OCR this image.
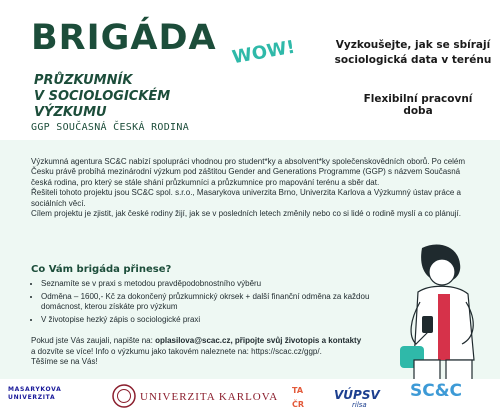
BRIGÁDA
PRŮZKUMNÍK
V SOCIOLOGICKÉM VÝZKUMU
WOW!	Vyzkoušejte, jak se sbírají sociologická data v terénu
Flexibilní pracovní doba
GGP SOUČASNÁ ČESKÁ RODINA

Výzkumná agentura SC&C nabízí spolupráci vhodnou pro student*ky a absolvent*ky společenskovědních oborů. Po celém Česku právě probíhá mezinárodní výzkum pod záštitou Gender and Generations Programme (GGP) s názvem Současná česká rodina, pro který se stále shání průzkumníci a průzkumnice pro mapování terénu a sběr dat.

Řešiteli tohoto projektu jsou SC&C spol. s.r.o., Masarykova univerzita Brno, Univerzita Karlova a Výzkumný ústav práce a sociálních věcí.

Cílem projektu je zjistit, jak české rodiny žijí, jak se v posledních letech změnily nebo co si lidé o rodině myslí a co plánují.

Co Vám brigáda přinese?
• Seznamíte se v praxi s metodou pravděpodobnostního výběru
• Odměna – 1600,- Kč za dokončený průzkumnický okrsek + další finanční odměna za každou domácnost, kterou získáte pro výzkum
• V životopise hezký zápis o sociologické praxi

Pokud jste Vás zaujali, napište na: oplasilova@scac.cz, připojte svůj životopis a kontakty

a dozvíte se více! Info o výzkumu jako takovém naleznete na: https://scac.cz/ggp/.

Těšíme se na Vás!

MASARYKOVA
UNIVERZITA	UNIVERZITA KARLOVA
TA ČR
VÚPSV
rilsa
SC&C
